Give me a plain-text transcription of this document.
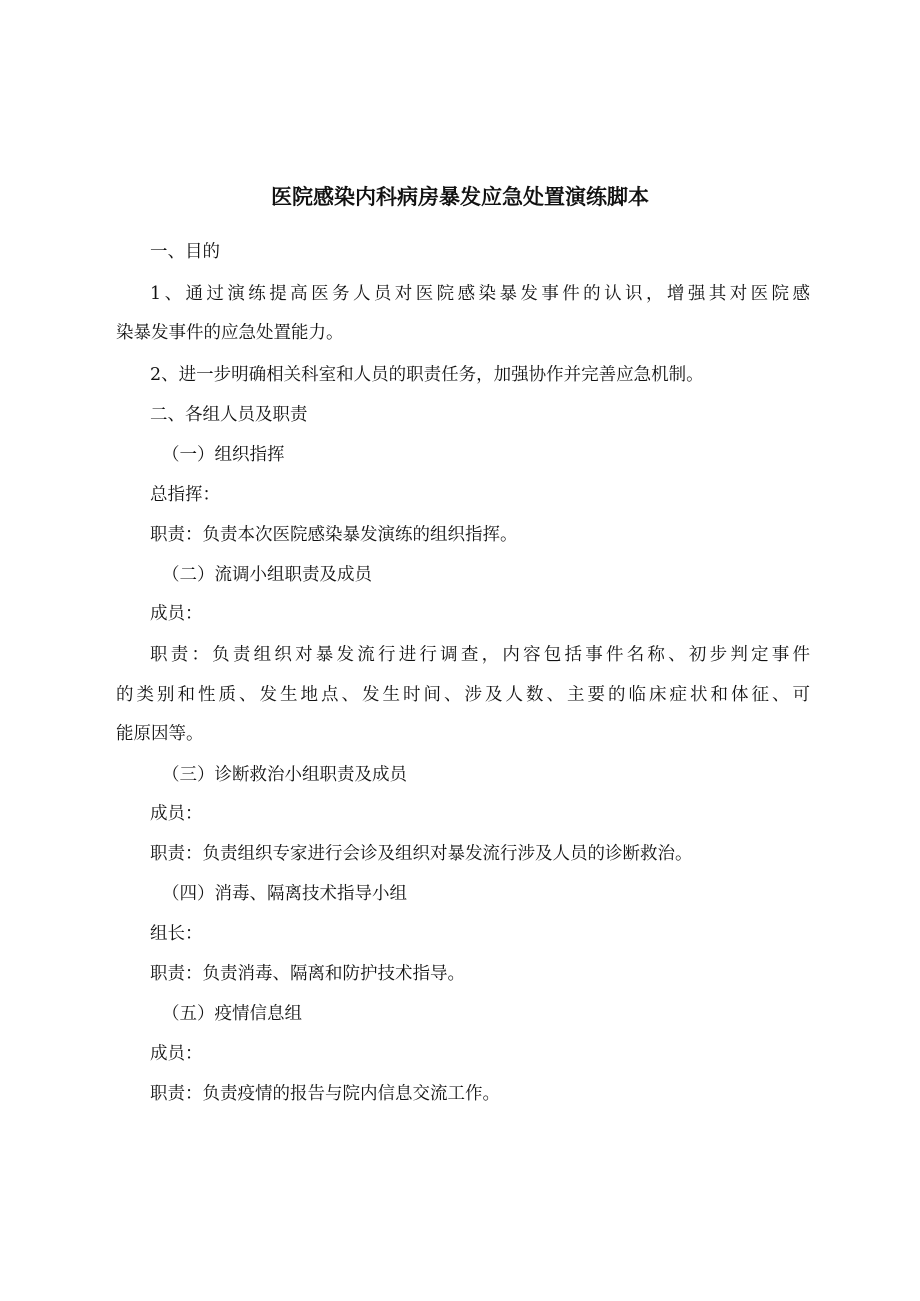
医院感染内科病房暴发应急处置演练脚本
一、目的
1、通过演练提高医务人员对医院感染暴发事件的认识，增强其对医院感
染暴发事件的应急处置能力。
2、进一步明确相关科室和人员的职责任务，加强协作并完善应急机制。
二、各组人员及职责
（一）组织指挥
总指挥：
职责：负责本次医院感染暴发演练的组织指挥。
（二）流调小组职责及成员
成员：
职责：负责组织对暴发流行进行调查，内容包括事件名称、初步判定事件
的类别和性质、发生地点、发生时间、涉及人数、主要的临床症状和体征、可
能原因等。
（三）诊断救治小组职责及成员
成员：
职责：负责组织专家进行会诊及组织对暴发流行涉及人员的诊断救治。
（四）消毒、隔离技术指导小组
组长：
职责：负责消毒、隔离和防护技术指导。
（五）疫情信息组
成员：
职责：负责疫情的报告与院内信息交流工作。
